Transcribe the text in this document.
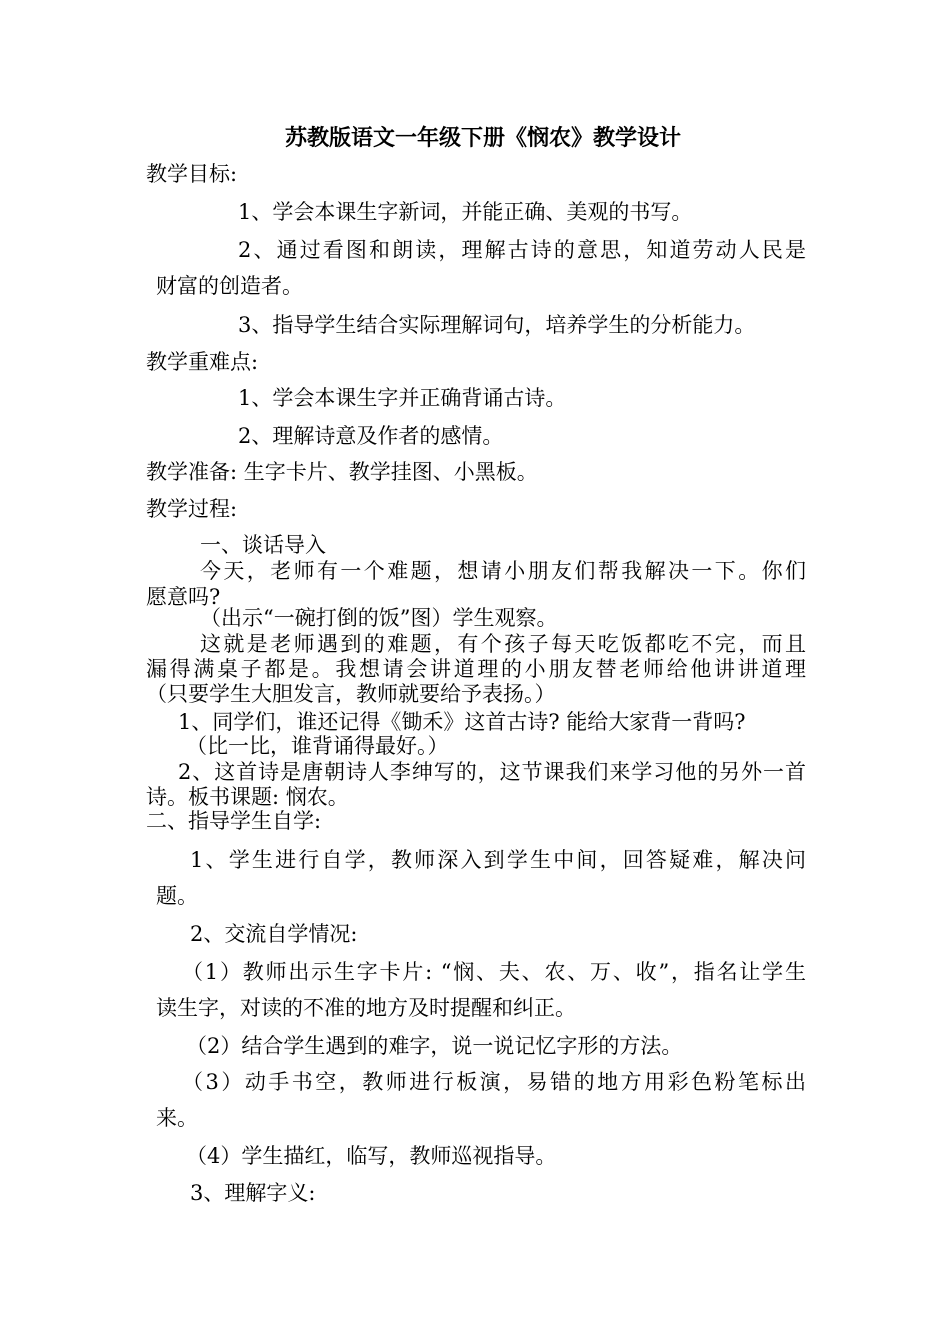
苏教版语文一年级下册《悯农》教学设计
教学目标:
1、学会本课生字新词，并能正确、美观的书写。
2、通过看图和朗读，理解古诗的意思，知道劳动人民是
财富的创造者。
3、指导学生结合实际理解词句，培养学生的分析能力。
教学重难点:
1、学会本课生字并正确背诵古诗。
2、理解诗意及作者的感情。
教学准备: 生字卡片、教学挂图、小黑板。
教学过程:
一、谈话导入
今天，老师有一个难题，想请小朋友们帮我解决一下。你们
愿意吗?
（出示“一碗打倒的饭”图）学生观察。
这就是老师遇到的难题，有个孩子每天吃饭都吃不完，而且
漏得满桌子都是。我想请会讲道理的小朋友替老师给他讲讲道理
（只要学生大胆发言，教师就要给予表扬。）
1、同学们，谁还记得《锄禾》这首古诗? 能给大家背一背吗?
（比一比，谁背诵得最好。）
2、这首诗是唐朝诗人李绅写的，这节课我们来学习他的另外一首
诗。板书课题: 悯农。
二、指导学生自学:
1、学生进行自学，教师深入到学生中间，回答疑难，解决问
题。
2、交流自学情况:
（1）教师出示生字卡片: “悯、夫、农、万、收”，指名让学生
读生字，对读的不准的地方及时提醒和纠正。
（2）结合学生遇到的难字，说一说记忆字形的方法。
（3）动手书空，教师进行板演，易错的地方用彩色粉笔标出
来。
（4）学生描红，临写，教师巡视指导。
3、理解字义:
